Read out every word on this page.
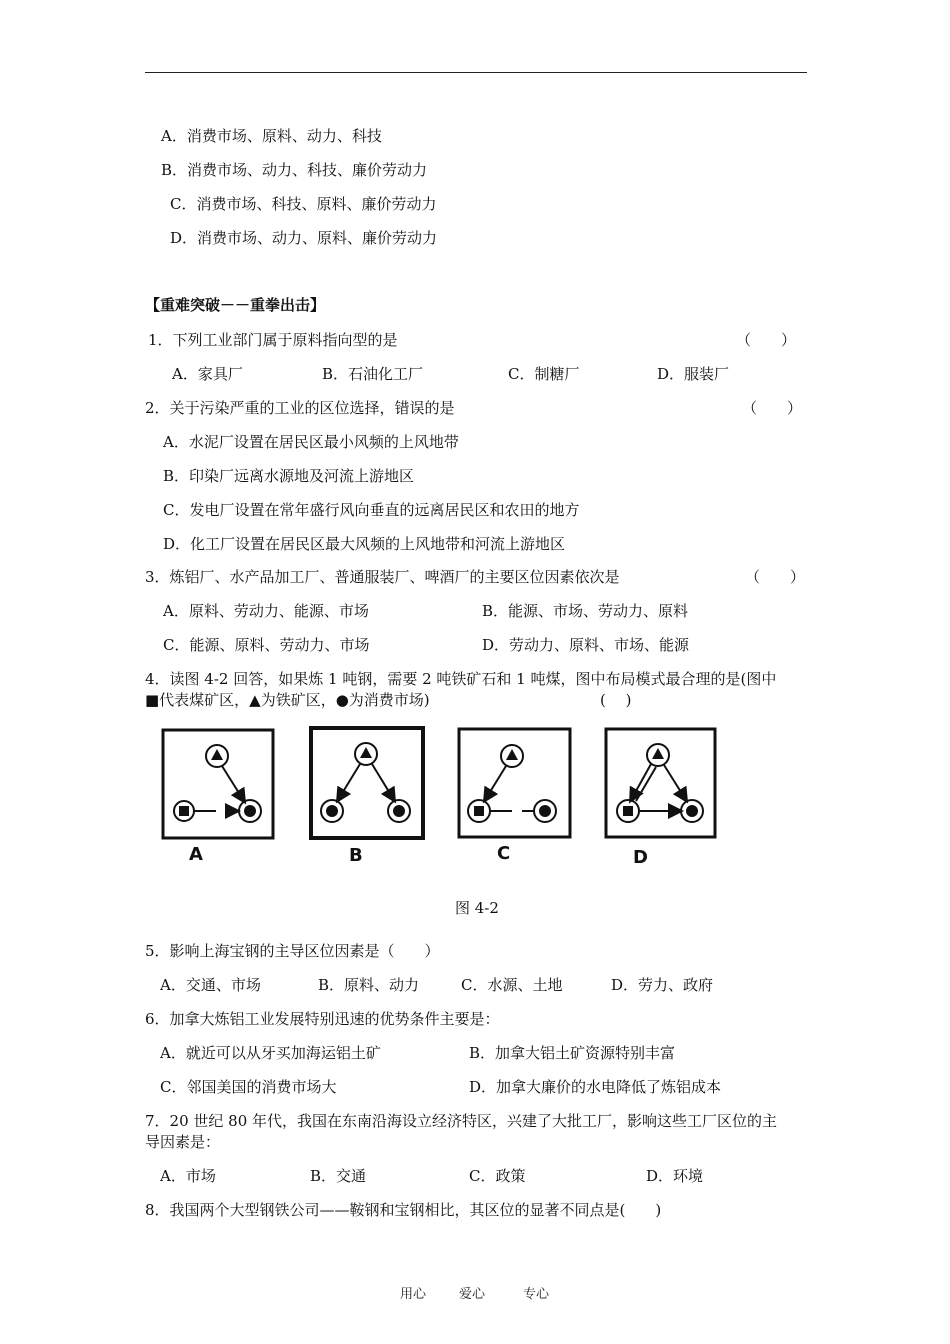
A．消费市场、原料、动力、科技
B．消费市场、动力、科技、廉价劳动力
C．消费市场、科技、原料、廉价劳动力
D．消费市场、动力、原料、廉价劳动力
【重难突破－－重拳出击】
1．下列工业部门属于原料指向型的是	（　　）
A．家具厂	B．石油化工厂	C．制糖厂	D．服装厂
2．关于污染严重的工业的区位选择，错误的是	（　　）
A．水泥厂设置在居民区最小风频的上风地带
B．印染厂远离水源地及河流上游地区
C．发电厂设置在常年盛行风向垂直的远离居民区和农田的地方
D．化工厂设置在居民区最大风频的上风地带和河流上游地区
3．炼铝厂、水产品加工厂、普通服装厂、啤酒厂的主要区位因素依次是	（　　）
A．原料、劳动力、能源、市场	B．能源、市场、劳动力、原料
C．能源、原料、劳动力、市场	D．劳动力、原料、市场、能源
4．读图 4-2 回答，如果炼 1 吨钢，需要 2 吨铁矿石和 1 吨煤，图中布局模式最合理的是(图中
■代表煤矿区，▲为铁矿区，●为消费市场)	(　 )
A	B	C	D
图 4-2
5．影响上海宝钢的主导区位因素是（　　）
A．交通、市场	B．原料、动力	C．水源、土地	D．劳力、政府
6．加拿大炼铝工业发展特别迅速的优势条件主要是：
A．就近可以从牙买加海运铝土矿	B．加拿大铝土矿资源特别丰富
C．邻国美国的消费市场大	D．加拿大廉价的水电降低了炼铝成本
7．20 世纪 80 年代，我国在东南沿海设立经济特区，兴建了大批工厂，影响这些工厂区位的主
导因素是：
A．市场	B．交通	C．政策	D．环境
8．我国两个大型钢铁公司——鞍钢和宝钢相比，其区位的显著不同点是(　　)
用心	爱心	专心
